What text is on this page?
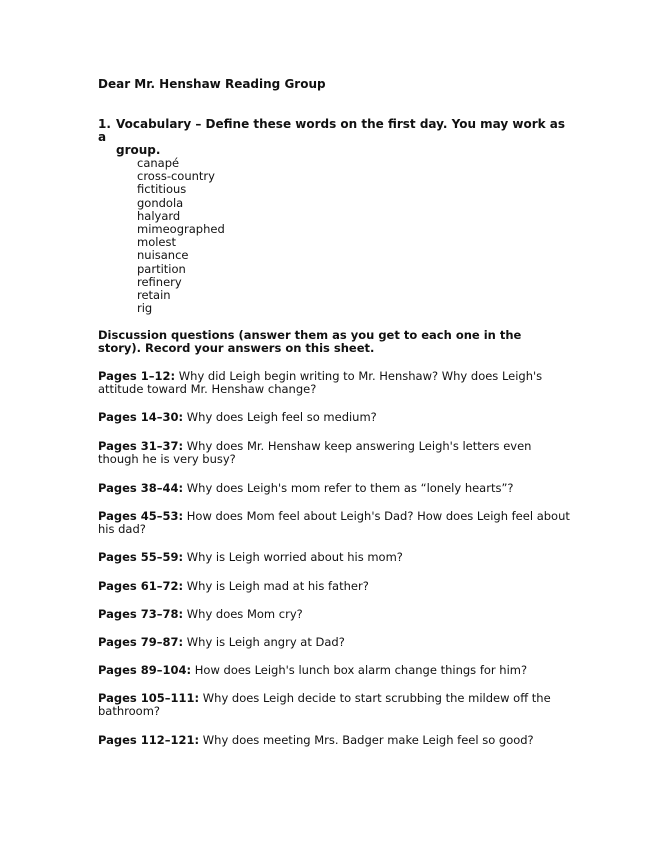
Dear Mr. Henshaw Reading Group
1. Vocabulary – Define these words on the first day. You may work as a
group.
canapé
cross-country
fictitious
gondola
halyard
mimeographed
molest
nuisance
partition
refinery
retain
rig
Discussion questions (answer them as you get to each one in the story). Record your answers on this sheet.
Pages 1–12: Why did Leigh begin writing to Mr. Henshaw? Why does Leigh's attitude toward Mr. Henshaw change?
Pages 14–30: Why does Leigh feel so medium?
Pages 31–37: Why does Mr. Henshaw keep answering Leigh's letters even though he is very busy?
Pages 38–44: Why does Leigh's mom refer to them as “lonely hearts”?
Pages 45–53: How does Mom feel about Leigh's Dad? How does Leigh feel about his dad?
Pages 55–59: Why is Leigh worried about his mom?
Pages 61–72: Why is Leigh mad at his father?
Pages 73–78: Why does Mom cry?
Pages 79–87: Why is Leigh angry at Dad?
Pages 89–104: How does Leigh's lunch box alarm change things for him?
Pages 105–111: Why does Leigh decide to start scrubbing the mildew off the bathroom?
Pages 112–121: Why does meeting Mrs. Badger make Leigh feel so good?
